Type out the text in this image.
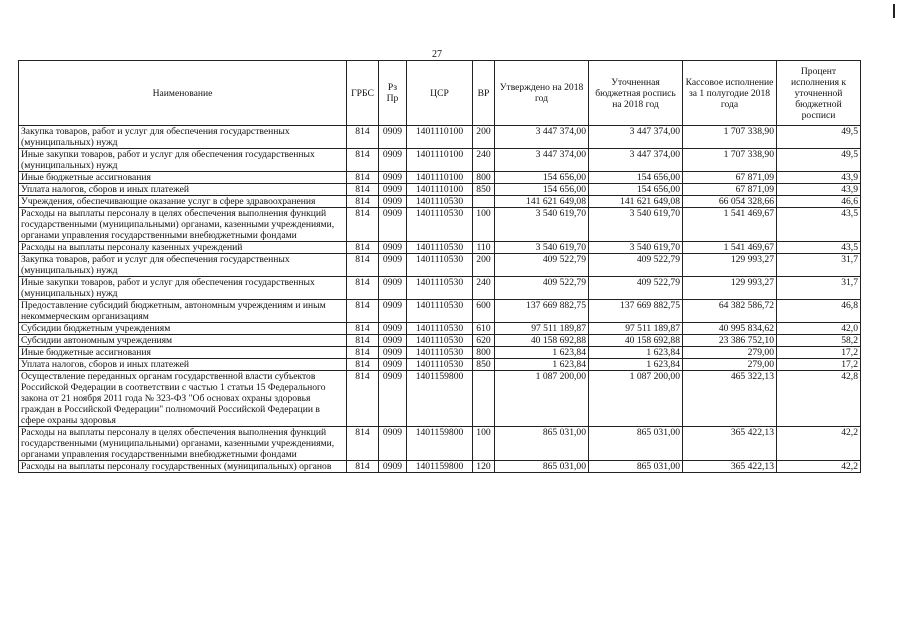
27
Наименование	ГРБС	Рз Пр	ЦСР	ВР	Утверждено на 2018 год	Уточненная бюджетная роспись на 2018 год	Кассовое исполнение за 1 полугодие 2018 года	Процент исполнения к уточненной бюджетной росписи
Закупка товаров, работ и услуг для обеспечения государственных (муниципальных) нужд	814	0909	1401110100	200	3 447 374,00	3 447 374,00	1 707 338,90	49,5
Иные закупки товаров, работ и услуг для обеспечения государственных (муниципальных) нужд	814	0909	1401110100	240	3 447 374,00	3 447 374,00	1 707 338,90	49,5
Иные бюджетные ассигнования	814	0909	1401110100	800	154 656,00	154 656,00	67 871,09	43,9
Уплата налогов, сборов и иных платежей	814	0909	1401110100	850	154 656,00	154 656,00	67 871,09	43,9
Учреждения, обеспечивающие оказание услуг в сфере здравоохранения	814	0909	1401110530		141 621 649,08	141 621 649,08	66 054 328,66	46,6
Расходы на выплаты персоналу в целях обеспечения выполнения функций государственными (муниципальными) органами, казенными учреждениями, органами управления государственными внебюджетными фондами	814	0909	1401110530	100	3 540 619,70	3 540 619,70	1 541 469,67	43,5
Расходы на выплаты персоналу казенных учреждений	814	0909	1401110530	110	3 540 619,70	3 540 619,70	1 541 469,67	43,5
Закупка товаров, работ и услуг для обеспечения государственных (муниципальных) нужд	814	0909	1401110530	200	409 522,79	409 522,79	129 993,27	31,7
Иные закупки товаров, работ и услуг для обеспечения государственных (муниципальных) нужд	814	0909	1401110530	240	409 522,79	409 522,79	129 993,27	31,7
Предоставление субсидий бюджетным, автономным учреждениям и иным некоммерческим организациям	814	0909	1401110530	600	137 669 882,75	137 669 882,75	64 382 586,72	46,8
Субсидии бюджетным учреждениям	814	0909	1401110530	610	97 511 189,87	97 511 189,87	40 995 834,62	42,0
Субсидии автономным учреждениям	814	0909	1401110530	620	40 158 692,88	40 158 692,88	23 386 752,10	58,2
Иные бюджетные ассигнования	814	0909	1401110530	800	1 623,84	1 623,84	279,00	17,2
Уплата налогов, сборов и иных платежей	814	0909	1401110530	850	1 623,84	1 623,84	279,00	17,2
Осуществление переданных органам государственной власти субъектов Российской Федерации в соответствии с частью 1 статьи 15 Федерального закона от 21 ноября 2011 года № 323-ФЗ "Об основах охраны здоровья граждан в Российской Федерации" полномочий Российской Федерации в сфере охраны здоровья	814	0909	1401159800		1 087 200,00	1 087 200,00	465 322,13	42,8
Расходы на выплаты персоналу в целях обеспечения выполнения функций государственными (муниципальными) органами, казенными учреждениями, органами управления государственными внебюджетными фондами	814	0909	1401159800	100	865 031,00	865 031,00	365 422,13	42,2
Расходы на выплаты персоналу государственных (муниципальных) органов	814	0909	1401159800	120	865 031,00	865 031,00	365 422,13	42,2
